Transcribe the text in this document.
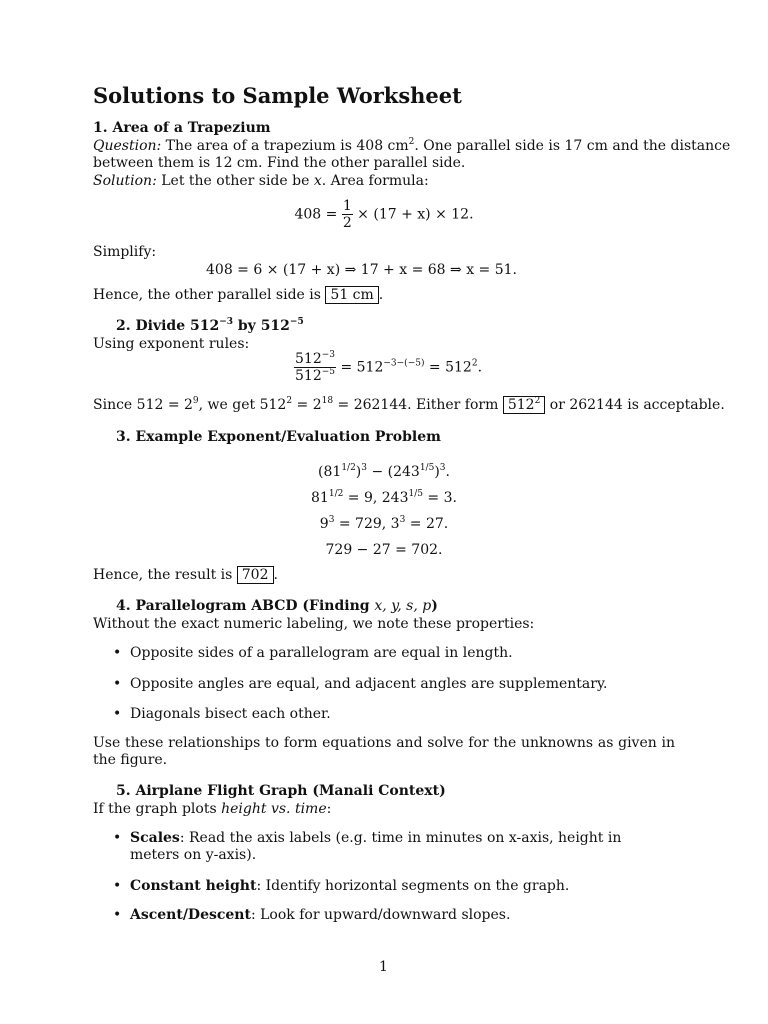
Solutions to Sample Worksheet
1. Area of a Trapezium
Question: The area of a trapezium is 408 $cm^2$. One parallel side is 17 cm and the distance
between them is 12 cm. Find the other parallel side.
Solution: Let the other side be x. Area formula:
$408 = \frac{1}{2} \times (17 + x) \times 12$.
Simplify:
408 = 6 × (17 + x) ⇒ 17 + x = 68 ⇒ x = 51.
Hence, the other parallel side is 51 cm .
2. Divide $512^{-3}$ by $512^{-5}$
Using exponent rules:
$\frac{512^{-3}}{512^{-5}} = 512^{-3-(-5)} = 512^2$.
Since $512 = 2^9$, we get $512^2 = 2^{18} = 262144$. Either form $512^2$ or 262144 is acceptable.
3. Example Exponent/Evaluation Problem
$(81^{1/2})^3 - (243^{1/5})^3$.
$81^{1/2} = 9$, $243^{1/5} = 3$.
$9^3 = 729$, $3^3 = 27$.
729 − 27 = 702.
Hence, the result is 702 .
4. Parallelogram ABCD (Finding x, y, s, p)
Without the exact numeric labeling, we note these properties:
• Opposite sides of a parallelogram are equal in length.
• Opposite angles are equal, and adjacent angles are supplementary.
• Diagonals bisect each other.
Use these relationships to form equations and solve for the unknowns as given in the figure.
5. Airplane Flight Graph (Manali Context)
If the graph plots height vs. time:
• Scales: Read the axis labels (e.g. time in minutes on x-axis, height in meters on y-axis).
• Constant height: Identify horizontal segments on the graph.
• Ascent/Descent: Look for upward/downward slopes.
1
